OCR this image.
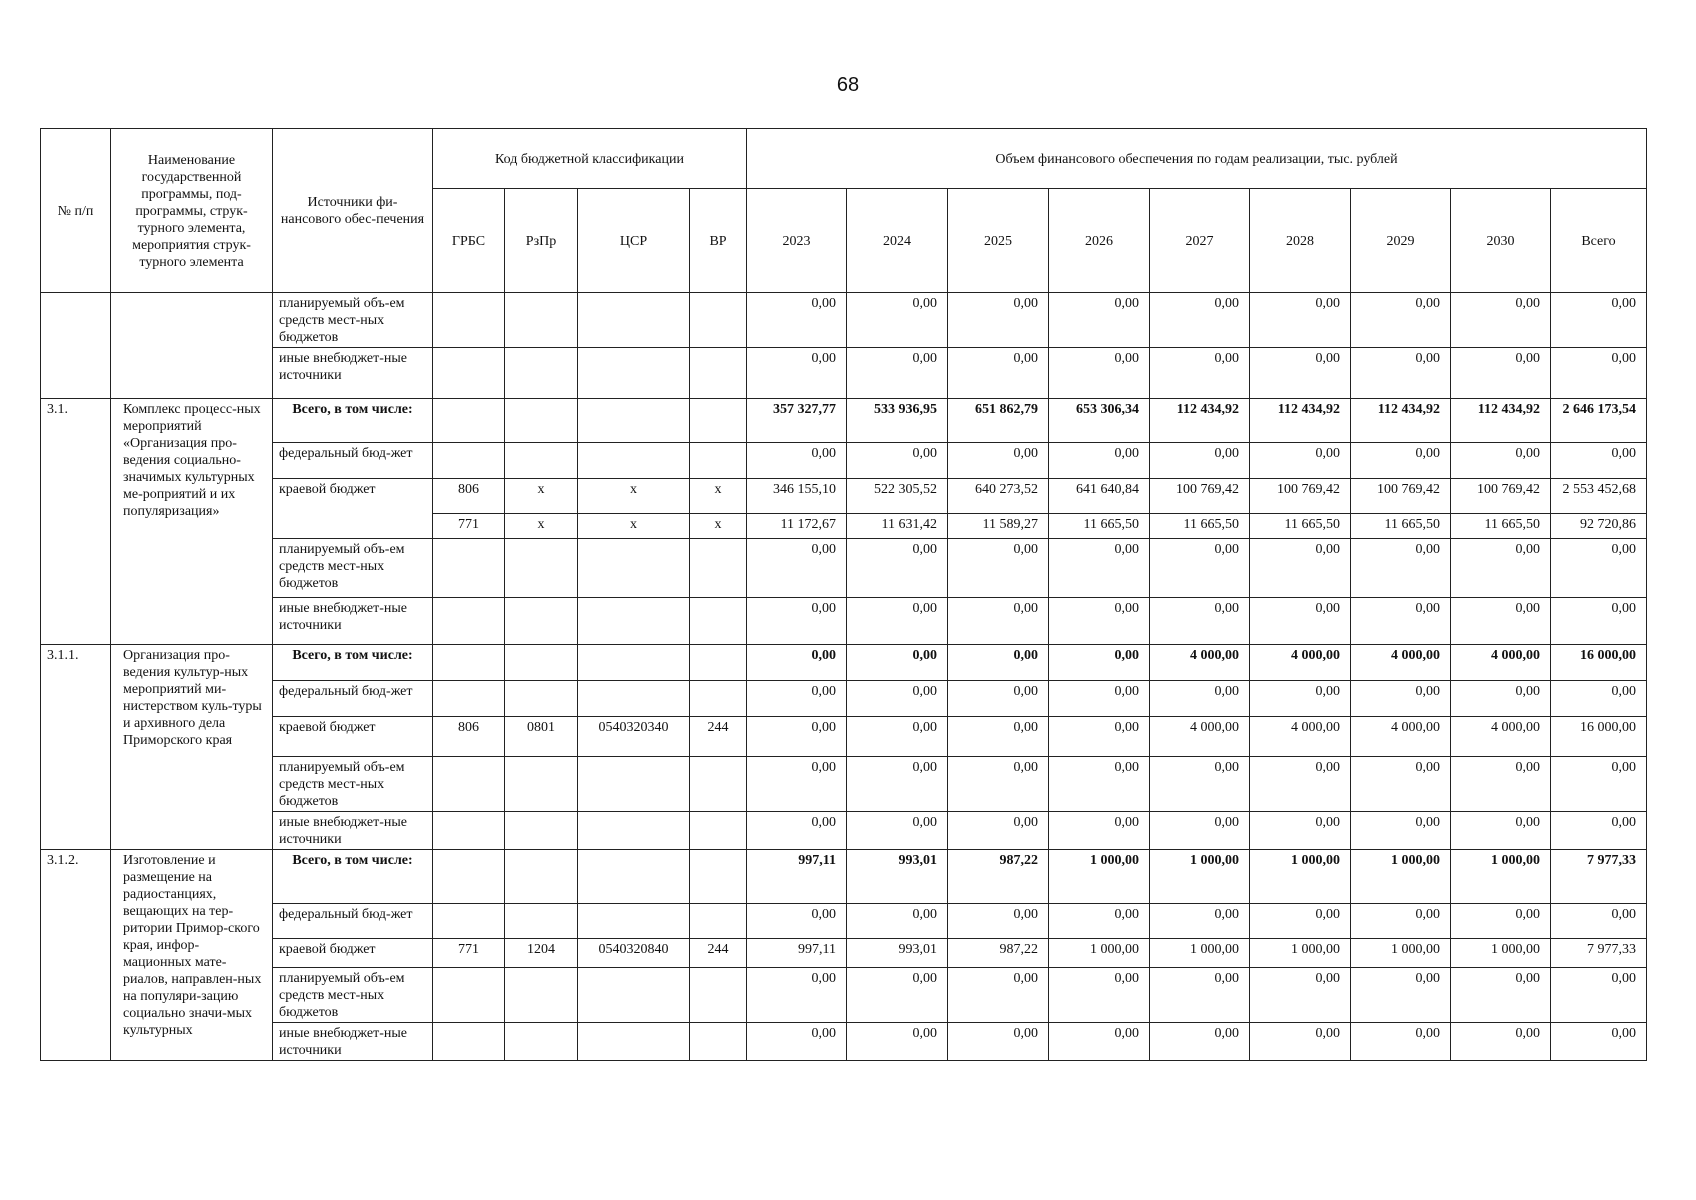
68
№ п/п	Наименование государственной программы, под-программы, струк-турного элемента, мероприятия струк-турного элемента	Источники фи-нансового обес-печения	Код бюджетной классификации				Объем финансового обеспечения по годам реализации, тыс. рублей								
			ГРБС	РзПр	ЦСР	ВР	2023	2024	2025	2026	2027	2028	2029	2030	Всего
		планируемый объ-ем средств мест-ных бюджетов					0,00	0,00	0,00	0,00	0,00	0,00	0,00	0,00	0,00
		иные внебюджет-ные источники					0,00	0,00	0,00	0,00	0,00	0,00	0,00	0,00	0,00
3.1.	Комплекс процесс-ных мероприятий «Организация про-ведения социально-значимых культурных ме-роприятий и их популяризация»	Всего, в том числе:					357 327,77	533 936,95	651 862,79	653 306,34	112 434,92	112 434,92	112 434,92	112 434,92	2 646 173,54
		федеральный бюд-жет					0,00	0,00	0,00	0,00	0,00	0,00	0,00	0,00	0,00
		краевой бюджет	806	х	х	х	346 155,10	522 305,52	640 273,52	641 640,84	100 769,42	100 769,42	100 769,42	100 769,42	2 553 452,68
			771	х	х	х	11 172,67	11 631,42	11 589,27	11 665,50	11 665,50	11 665,50	11 665,50	11 665,50	92 720,86
		планируемый объ-ем средств мест-ных бюджетов					0,00	0,00	0,00	0,00	0,00	0,00	0,00	0,00	0,00
		иные внебюджет-ные источники					0,00	0,00	0,00	0,00	0,00	0,00	0,00	0,00	0,00
3.1.1.	Организация про-ведения культур-ных мероприятий ми-нистерством куль-туры и архивного дела Приморского края	Всего, в том числе:					0,00	0,00	0,00	0,00	4 000,00	4 000,00	4 000,00	4 000,00	16 000,00
		федеральный бюд-жет					0,00	0,00	0,00	0,00	0,00	0,00	0,00	0,00	0,00
		краевой бюджет	806	0801	0540320340	244	0,00	0,00	0,00	0,00	4 000,00	4 000,00	4 000,00	4 000,00	16 000,00
		планируемый объ-ем средств мест-ных бюджетов					0,00	0,00	0,00	0,00	0,00	0,00	0,00	0,00	0,00
		иные внебюджет-ные источники					0,00	0,00	0,00	0,00	0,00	0,00	0,00	0,00	0,00
3.1.2.	Изготовление и размещение на радиостанциях, вещающих на тер-ритории Примор-ского края, инфор-мационных мате-риалов, направлен-ных на популяри-зацию социально значи-мых культурных	Всего, в том числе:					997,11	993,01	987,22	1 000,00	1 000,00	1 000,00	1 000,00	1 000,00	7 977,33
		федеральный бюд-жет					0,00	0,00	0,00	0,00	0,00	0,00	0,00	0,00	0,00
		краевой бюджет	771	1204	0540320840	244	997,11	993,01	987,22	1 000,00	1 000,00	1 000,00	1 000,00	1 000,00	7 977,33
		планируемый объ-ем средств мест-ных бюджетов					0,00	0,00	0,00	0,00	0,00	0,00	0,00	0,00	0,00
		иные внебюджет-ные источники					0,00	0,00	0,00	0,00	0,00	0,00	0,00	0,00	0,00
